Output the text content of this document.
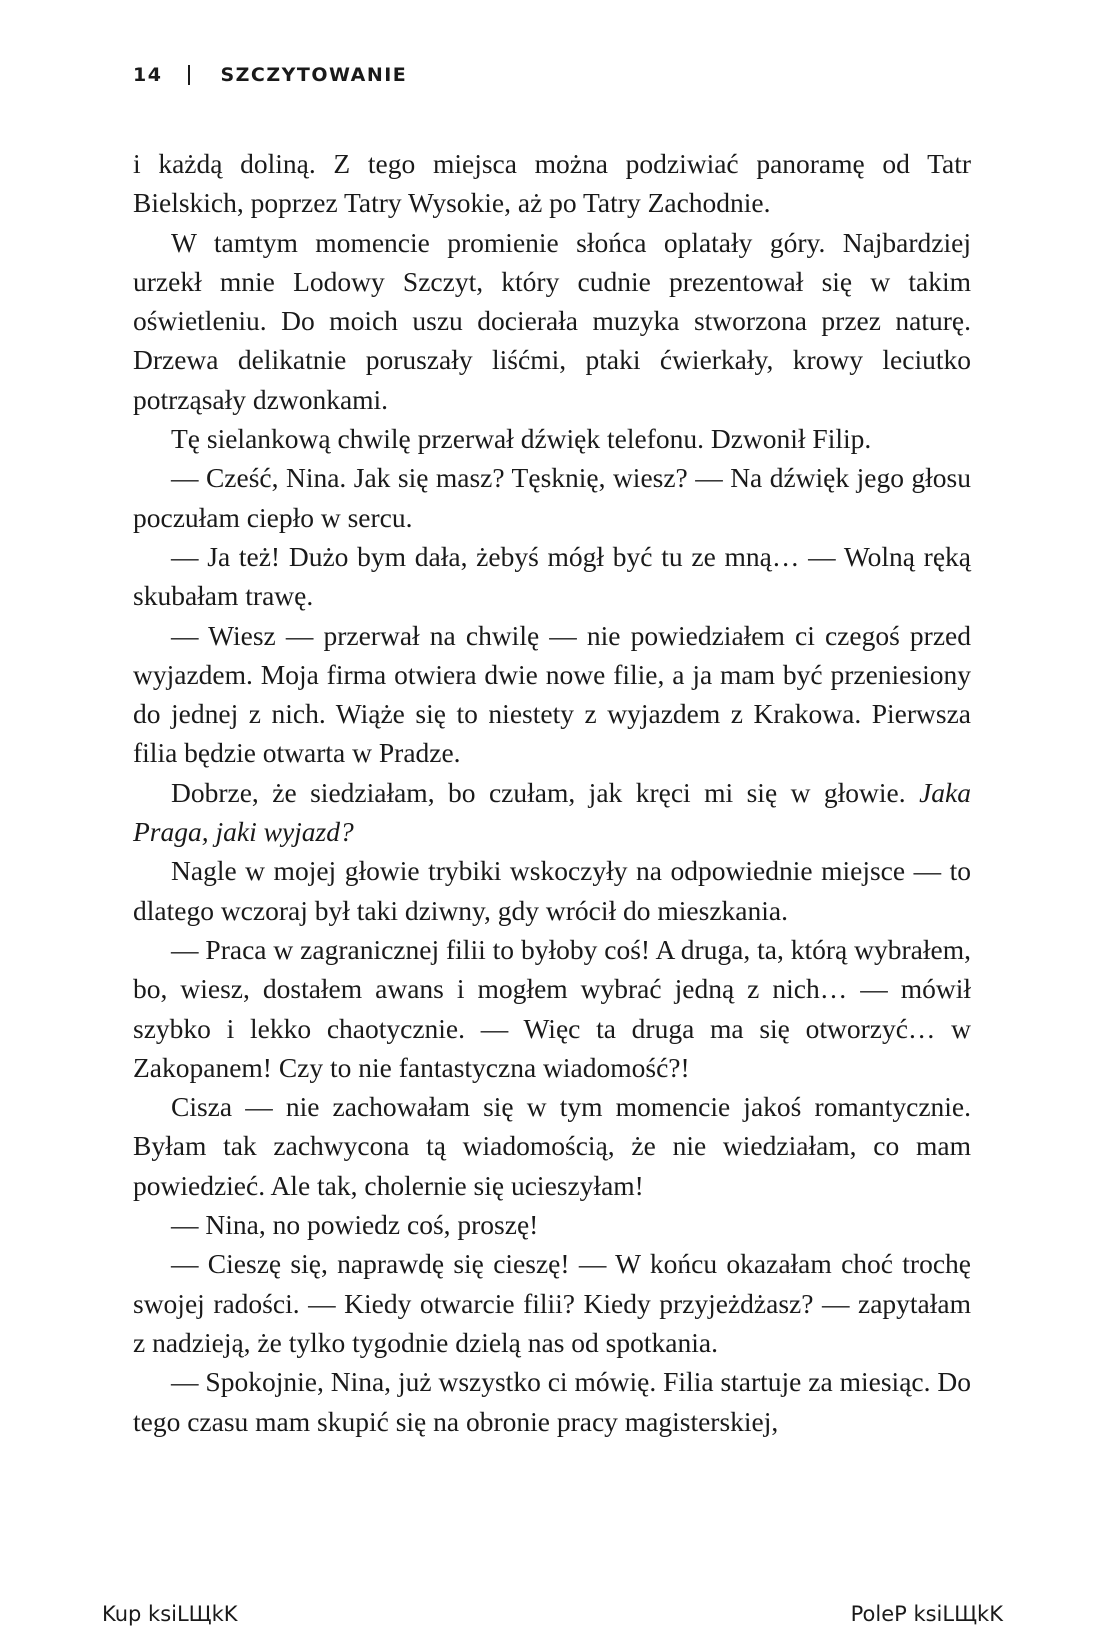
14	SZCZYTOWANIE

i każdą doliną. Z tego miejsca można podziwiać panoramę od Tatr Bielskich, poprzez Tatry Wysokie, aż po Tatry Zachodnie.

W tamtym momencie promienie słońca oplatały góry. Najbardziej urzekł mnie Lodowy Szczyt, który cudnie prezentował się w takim oświetleniu. Do moich uszu docierała muzyka stworzona przez naturę. Drzewa delikatnie poruszały liśćmi, ptaki ćwierkały, krowy leciutko potrząsały dzwonkami.

Tę sielankową chwilę przerwał dźwięk telefonu. Dzwonił Filip.

— Cześć, Nina. Jak się masz? Tęsknię, wiesz? — Na dźwięk jego głosu poczułam ciepło w sercu.

— Ja też! Dużo bym dała, żebyś mógł być tu ze mną… — Wolną ręką skubałam trawę.

— Wiesz — przerwał na chwilę — nie powiedziałem ci czegoś przed wyjazdem. Moja firma otwiera dwie nowe filie, a ja mam być przeniesiony do jednej z nich. Wiąże się to niestety z wyjazdem z Krakowa. Pierwsza filia będzie otwarta w Pradze.

Dobrze, że siedziałam, bo czułam, jak kręci mi się w głowie. Jaka Praga, jaki wyjazd?

Nagle w mojej głowie trybiki wskoczyły na odpowiednie miejsce — to dlatego wczoraj był taki dziwny, gdy wrócił do mieszkania.

— Praca w zagranicznej filii to byłoby coś! A druga, ta, którą wybrałem, bo, wiesz, dostałem awans i mogłem wybrać jedną z nich… — mówił szybko i lekko chaotycznie. — Więc ta druga ma się otworzyć… w Zakopanem! Czy to nie fantastyczna wiadomość?!

Cisza — nie zachowałam się w tym momencie jakoś romantycznie. Byłam tak zachwycona tą wiadomością, że nie wiedziałam, co mam powiedzieć. Ale tak, cholernie się ucieszyłam!

— Nina, no powiedz coś, proszę!

— Cieszę się, naprawdę się cieszę! — W końcu okazałam choć trochę swojej radości. — Kiedy otwarcie filii? Kiedy przyjeżdżasz? — zapytałam z nadzieją, że tylko tygodnie dzielą nas od spotkania.

— Spokojnie, Nina, już wszystko ci mówię. Filia startuje za miesiąc. Do tego czasu mam skupić się na obronie pracy magisterskiej,

Kup ksiLЩkK	PoleP ksiLЩkK
